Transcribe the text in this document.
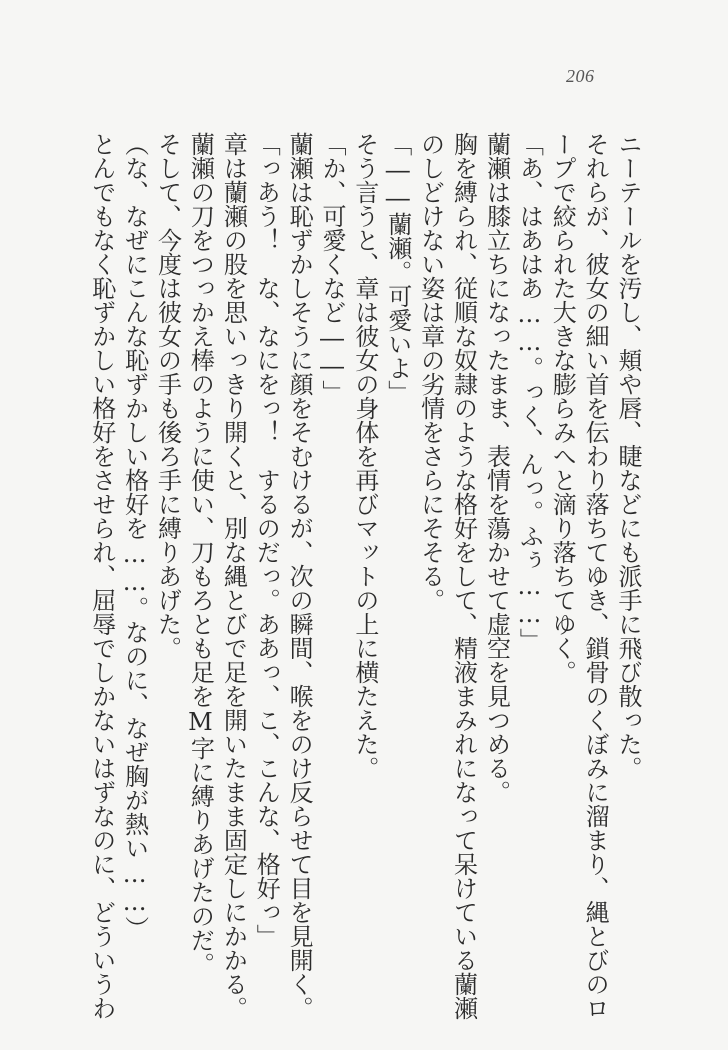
206
ニーテールを汚し、頬や唇、睫などにも派手に飛び散った。
それらが、彼女の細い首を伝わり落ちてゆき、鎖骨のくぼみに溜まり、縄とびのロ
ープで絞られた大きな膨らみへと滴り落ちてゆく。
「あ、はあはあ……。っく、んっ。ふぅ……」
蘭瀬は膝立ちになったまま、表情を蕩かせて虚空を見つめる。
胸を縛られ、従順な奴隷のような格好をして、精液まみれになって呆けている蘭瀬
のしどけない姿は章の劣情をさらにそそる。
「――蘭瀬。可愛いよ」
そう言うと、章は彼女の身体を再びマットの上に横たえた。
「か、可愛くなど――」
蘭瀬は恥ずかしそうに顔をそむけるが、次の瞬間、喉をのけ反らせて目を見開く。
「っあう！　な、なにをっ！　するのだっ。ああっ、こ、こんな、格好っ」
章は蘭瀬の股を思いっきり開くと、別な縄とびで足を開いたまま固定しにかかる。
蘭瀬の刀をつっかえ棒のように使い、刀もろとも足をM字に縛りあげたのだ。
そして、今度は彼女の手も後ろ手に縛りあげた。
（な、なぜにこんな恥ずかしい格好を……。なのに、なぜ胸が熱い……）
とんでもなく恥ずかしい格好をさせられ、屈辱でしかないはずなのに、どういうわ
